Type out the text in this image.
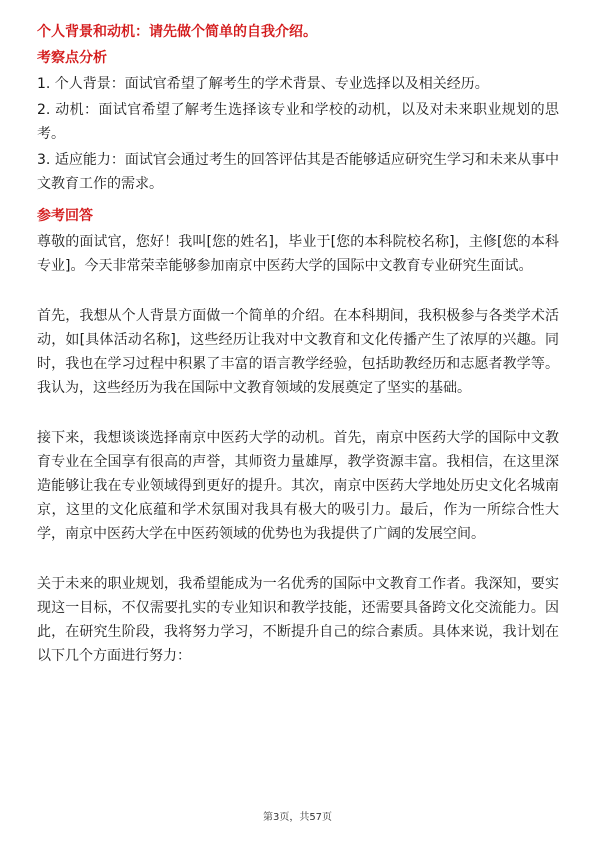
个人背景和动机：请先做个简单的自我介绍。
考察点分析

1. 个人背景：面试官希望了解考生的学术背景、专业选择以及相关经历。

2. 动机：面试官希望了解考生选择该专业和学校的动机，以及对未来职业规划的思考。

3. 适应能力：面试官会通过考生的回答评估其是否能够适应研究生学习和未来从事中文教育工作的需求。

参考回答

尊敬的面试官，您好！我叫[您的姓名]，毕业于[您的本科院校名称]，主修[您的本科专业]。今天非常荣幸能够参加南京中医药大学的国际中文教育专业研究生面试。

首先，我想从个人背景方面做一个简单的介绍。在本科期间，我积极参与各类学术活动，如[具体活动名称]，这些经历让我对中文教育和文化传播产生了浓厚的兴趣。同时，我也在学习过程中积累了丰富的语言教学经验，包括助教经历和志愿者教学等。我认为，这些经历为我在国际中文教育领域的发展奠定了坚实的基础。

接下来，我想谈谈选择南京中医药大学的动机。首先，南京中医药大学的国际中文教育专业在全国享有很高的声誉，其师资力量雄厚，教学资源丰富。我相信，在这里深造能够让我在专业领域得到更好的提升。其次，南京中医药大学地处历史文化名城南京，这里的文化底蕴和学术氛围对我具有极大的吸引力。最后，作为一所综合性大学，南京中医药大学在中医药领域的优势也为我提供了广阔的发展空间。

关于未来的职业规划，我希望能成为一名优秀的国际中文教育工作者。我深知，要实现这一目标，不仅需要扎实的专业知识和教学技能，还需要具备跨文化交流能力。因此，在研究生阶段，我将努力学习，不断提升自己的综合素质。具体来说，我计划在以下几个方面进行努力：

第3页，共57页
